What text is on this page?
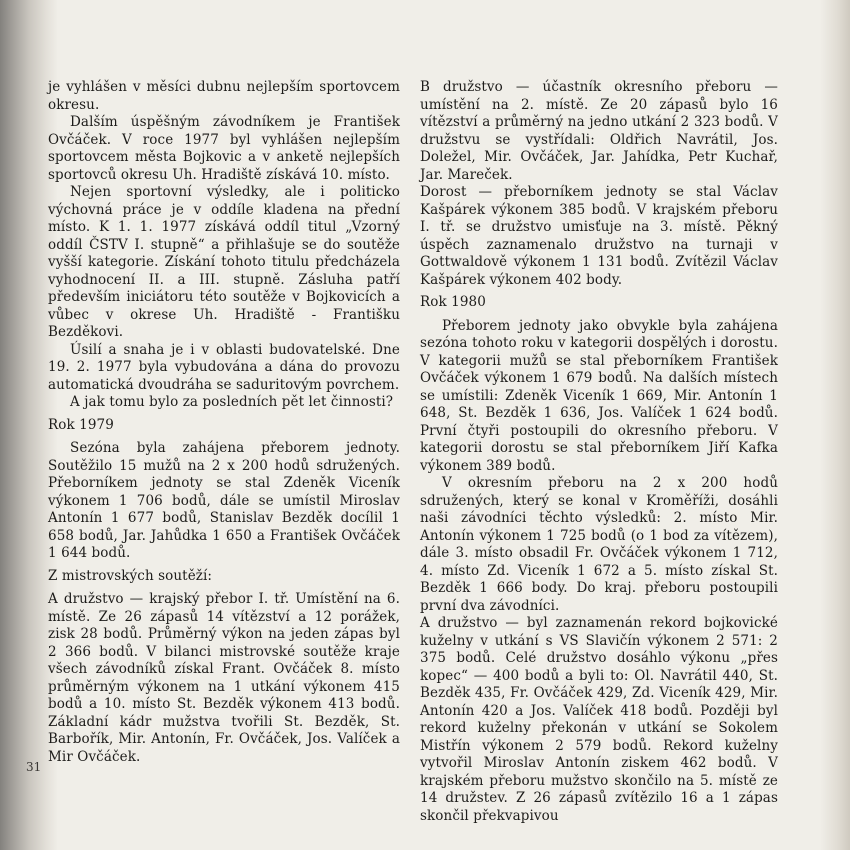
je vyhlášen v měsíci dubnu nejlepším sportovcem okresu.

Dalším úspěšným závodníkem je František Ovčáček. V roce 1977 byl vyhlášen nejlepším sportovcem města Bojkovic a v anketě nejlepších sportovců okresu Uh. Hradiště získává 10. místo.

Nejen sportovní výsledky, ale i politicko výchovná práce je v oddíle kladena na přední místo. K 1. 1. 1977 získává oddíl titul „Vzorný oddíl ČSTV I. stupně“ a přihlašuje se do soutěže vyšší kategorie. Získání tohoto titulu předcházela vyhodnocení II. a III. stupně. Zásluha patří především iniciátoru této soutěže v Bojkovicích a vůbec v okrese Uh. Hradiště - Františku Bezděkovi.

Úsilí a snaha je i v oblasti budovatelské. Dne 19. 2. 1977 byla vybudována a dána do provozu automatická dvoudráha se saduritovým povrchem.

A jak tomu bylo za posledních pět let činnosti?

Rok 1979

Sezóna byla zahájena přeborem jednoty. Soutěžilo 15 mužů na 2 x 200 hodů sdružených. Přeborníkem jednoty se stal Zdeněk Viceník výkonem 1 706 bodů, dále se umístil Miroslav Antonín 1 677 bodů, Stanislav Bezděk docílil 1 658 bodů, Jar. Jahůdka 1 650 a František Ovčáček 1 644 bodů.

Z mistrovských soutěží:

A družstvo — krajský přebor I. tř. Umístění na 6. místě. Ze 26 zápasů 14 vítězství a 12 porážek, zisk 28 bodů. Průměrný výkon na jeden zápas byl 2 366 bodů. V bilanci mistrovské soutěže kraje všech závodníků získal Frant. Ovčáček 8. místo průměrným výkonem na 1 utkání výkonem 415 bodů a 10. místo St. Bezděk výkonem 413 bodů. Základní kádr mužstva tvořili St. Bezděk, St. Barbořík, Mir. Antonín, Fr. Ovčáček, Jos. Valíček a Mir Ovčáček.

B družstvo — účastník okresního přeboru — umístění na 2. místě. Ze 20 zápasů bylo 16 vítězství a průměrný na jedno utkání 2 323 bodů. V družstvu se vystřídali: Oldřich Navrátil, Jos. Doležel, Mir. Ovčáček, Jar. Jahídka, Petr Kuchař, Jar. Mareček.

Dorost — přeborníkem jednoty se stal Václav Kašpárek výkonem 385 bodů. V krajském přeboru I. tř. se družstvo umisťuje na 3. místě. Pěkný úspěch zaznamenalo družstvo na turnaji v Gottwaldově výkonem 1 131 bodů. Zvítězil Václav Kašpárek výkonem 402 body.

Rok 1980

Přeborem jednoty jako obvykle byla zahájena sezóna tohoto roku v kategorii dospělých i dorostu. V kategorii mužů se stal přeborníkem František Ovčáček výkonem 1 679 bodů. Na dalších místech se umístili: Zdeněk Viceník 1 669, Mir. Antonín 1 648, St. Bezděk 1 636, Jos. Valíček 1 624 bodů. První čtyři postoupili do okresního přeboru. V kategorii dorostu se stal přeborníkem Jiří Kafka výkonem 389 bodů.

V okresním přeboru na 2 x 200 hodů sdružených, který se konal v Kroměříži, dosáhli naši závodníci těchto výsledků: 2. místo Mir. Antonín výkonem 1 725 bodů (o 1 bod za vítězem), dále 3. místo obsadil Fr. Ovčáček výkonem 1 712, 4. místo Zd. Viceník 1 672 a 5. místo získal St. Bezděk 1 666 body. Do kraj. přeboru postoupili první dva závodníci.

A družstvo — byl zaznamenán rekord bojkovické kuželny v utkání s VS Slavičín výkonem 2 571: 2 375 bodů. Celé družstvo dosáhlo výkonu „přes kopec“ — 400 bodů a byli to: Ol. Navrátil 440, St. Bezděk 435, Fr. Ovčáček 429, Zd. Viceník 429, Mir. Antonín 420 a Jos. Valíček 418 bodů. Později byl rekord kuželny překonán v utkání se Sokolem Mistřín výkonem 2 579 bodů. Rekord kuželny vytvořil Miroslav Antonín ziskem 462 bodů. V krajském přeboru mužstvo skončilo na 5. místě ze 14 družstev. Z 26 zápasů zvítězilo 16 a 1 zápas skončil překvapivou

31
